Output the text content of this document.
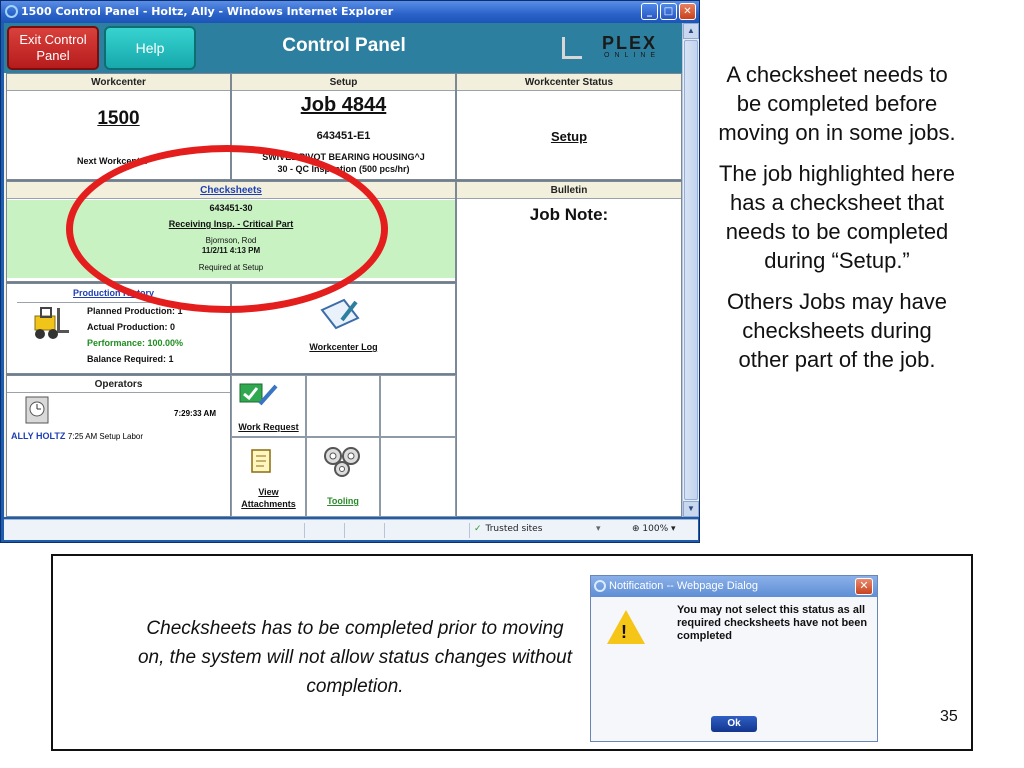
1500 Control Panel - Holtz, Ally - Windows Internet Explorer	_	□	✕
Exit Control Panel	Help	Control Panel	PLEX
ONLINE
Workcenter
1500
Next Workcenter
Setup
Job 4844
643451-E1
SWIVEL PIVOT BEARING HOUSING^J
30 - QC Inspection (500 pcs/hr)
Workcenter Status
Setup
Checksheets
643451-30
Receiving Insp. - Critical Part
Bjornson, Rod
11/2/11 4:13 PM
Required at Setup
Bulletin
Job Note:
Production History
Planned Production: 1
Actual Production: 0
Performance: 100.00%
Balance Required: 1
Workcenter Log
Operators
7:29:33 AM
ALLY HOLTZ 7:25 AM Setup Labor
Work Request
View
Attachments	Tooling
▲
▼
✓ Trusted sites	▾	⊕ 100% ▾

A checksheet needs to be completed before moving on in some jobs.

The job highlighted here has a checksheet that needs to be completed during “Setup.”

Others Jobs may have checksheets during other part of the job.

Checksheets has to be completed prior to moving on, the system will not allow status changes without completion.
Notification -- Webpage Dialog	✕
!
You may not select this status as all required checksheets have not been completed
Ok	35
